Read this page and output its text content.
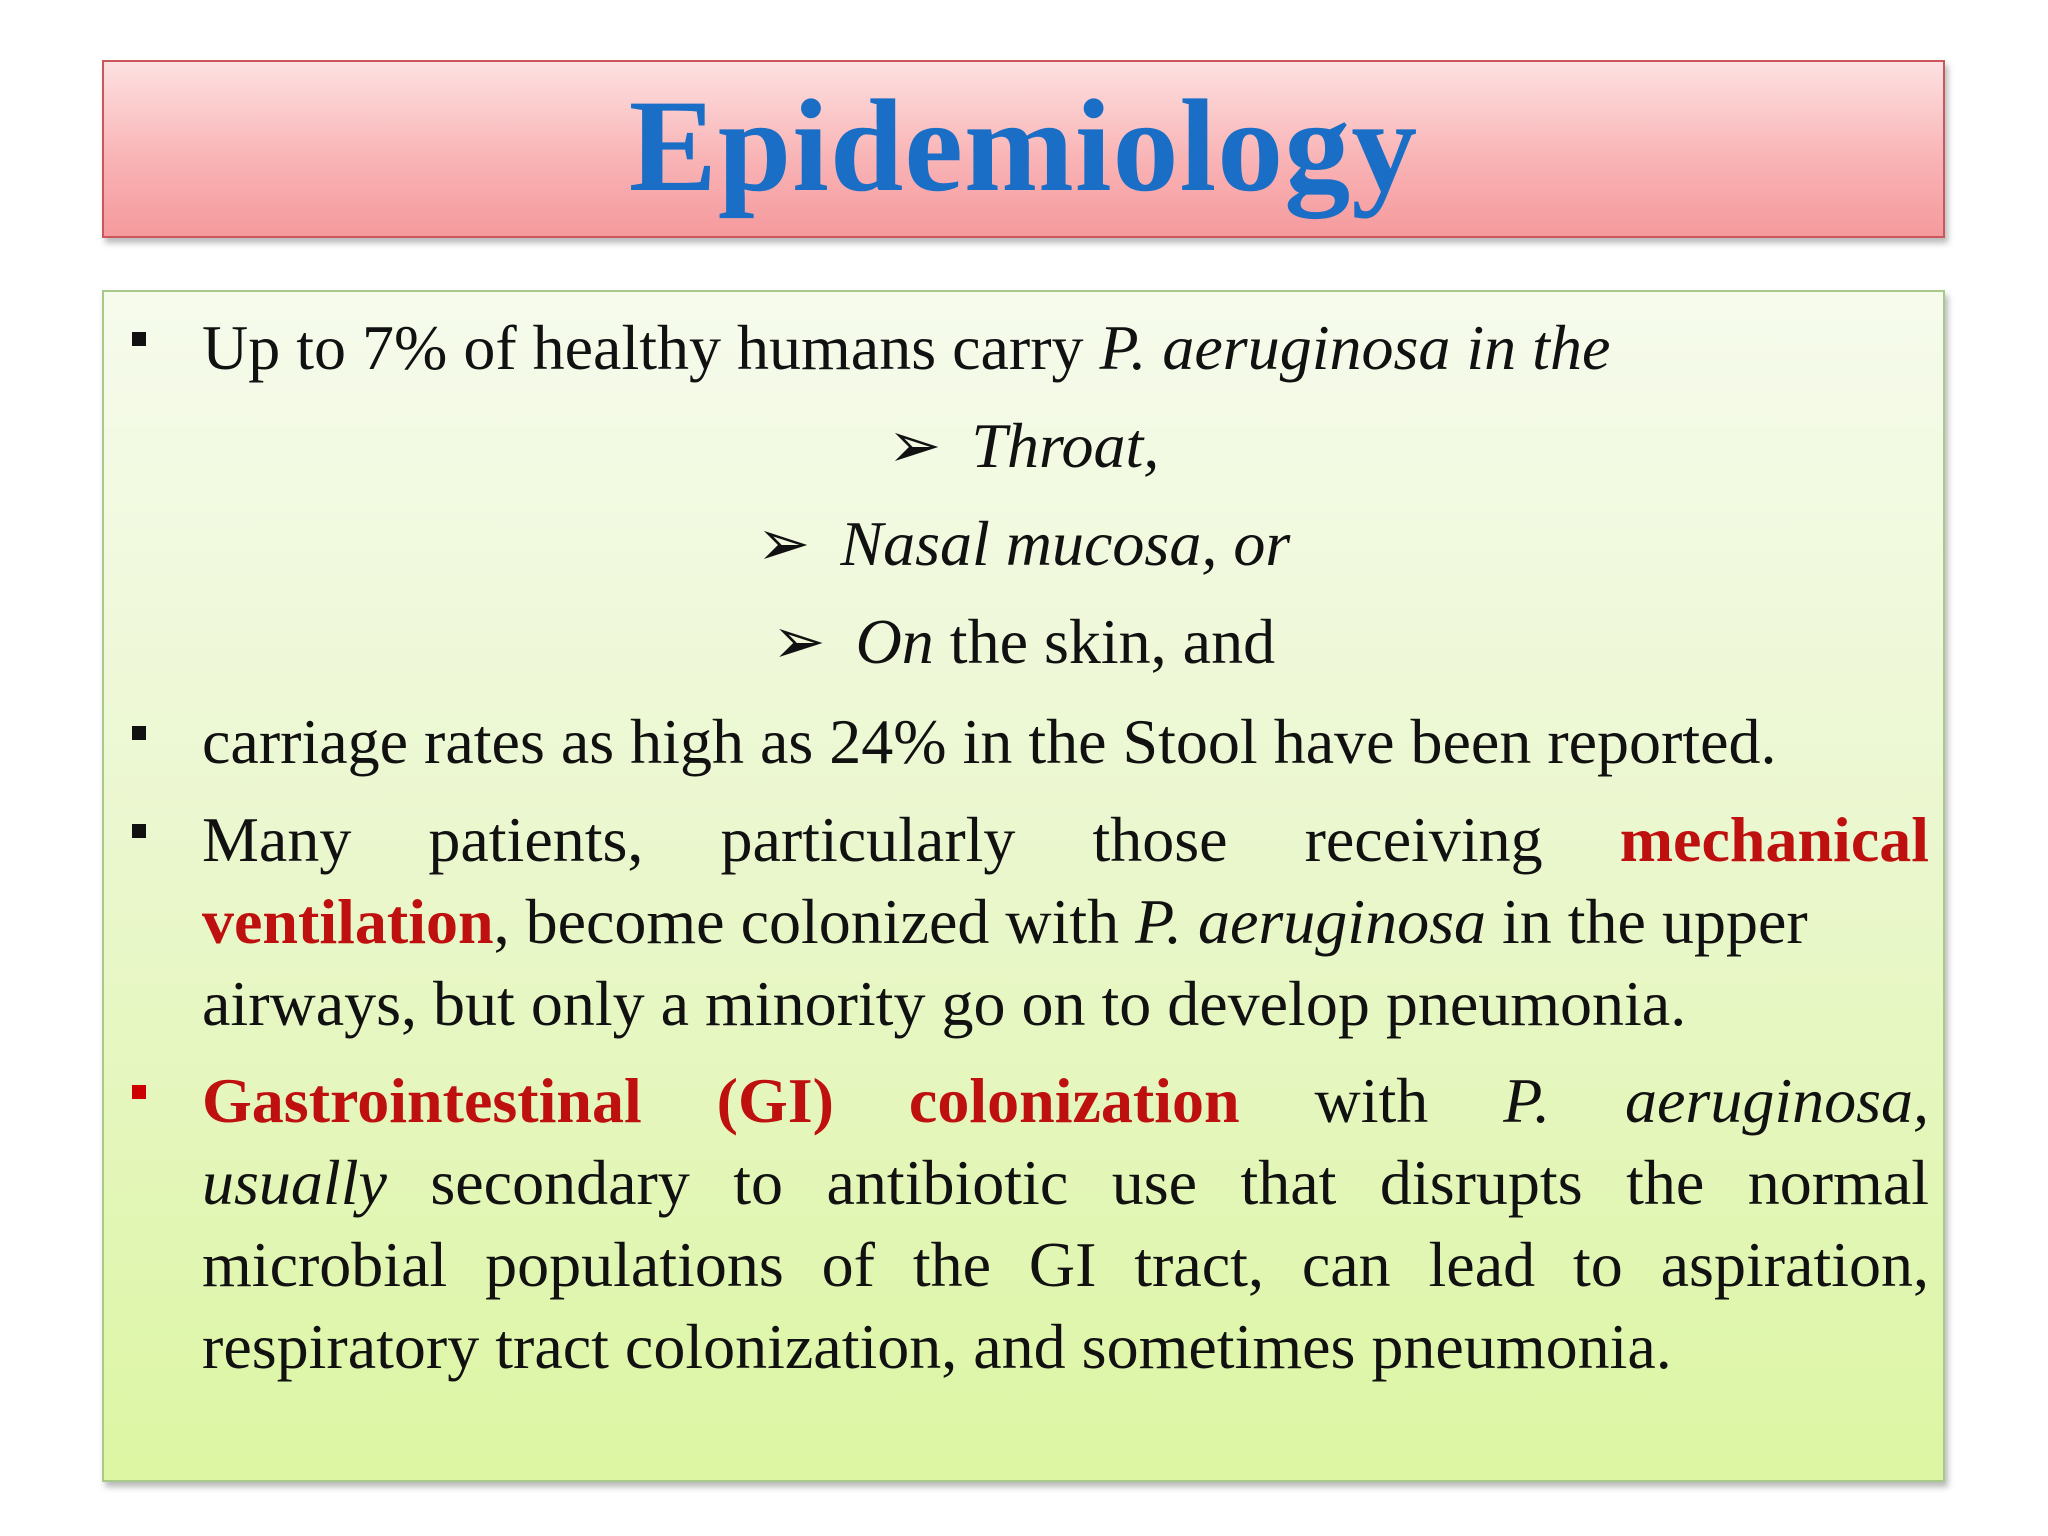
Epidemiology
Up to 7% of healthy humans carry P. aeruginosa in the
➢ Throat,
➢ Nasal mucosa, or
➢ On the skin, and
carriage rates as high as 24% in the Stool have been reported.
Many patients, particularly those receiving mechanical
ventilation, become colonized with P. aeruginosa in the upper
airways, but only a minority go on to develop pneumonia.
Gastrointestinal (GI) colonization with P. aeruginosa,
usually secondary to antibiotic use that disrupts the normal
microbial populations of the GI tract, can lead to aspiration,
respiratory tract colonization, and sometimes pneumonia.
